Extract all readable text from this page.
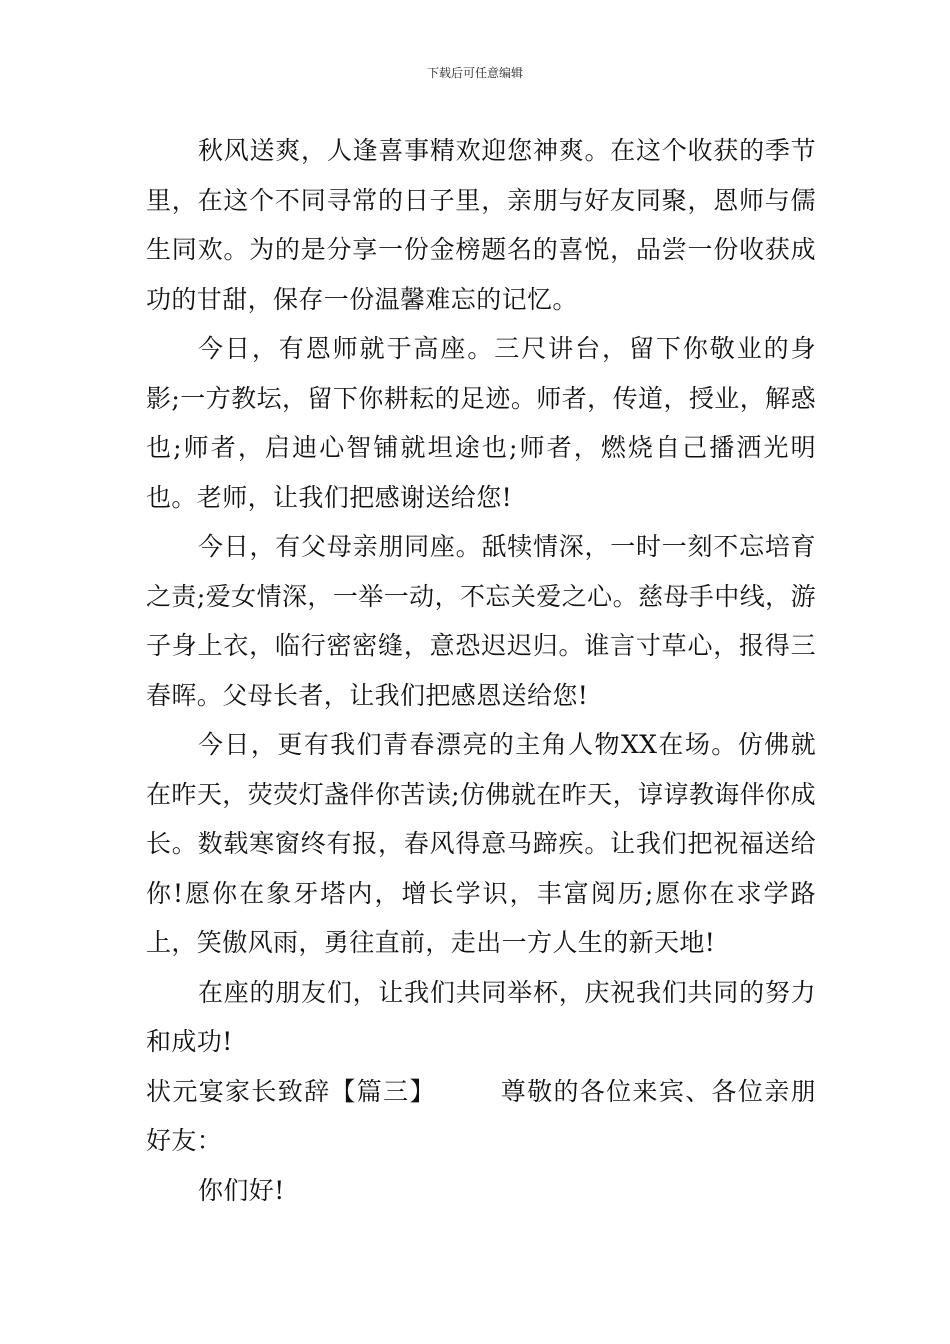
下载后可任意编辑

秋风送爽，人逢喜事精欢迎您神爽。在这个收获的季节里，在这个不同寻常的日子里，亲朋与好友同聚，恩师与儒生同欢。为的是分享一份金榜题名的喜悦，品尝一份收获成功的甘甜，保存一份温馨难忘的记忆。

今日，有恩师就于高座。三尺讲台，留下你敬业的身影;一方教坛，留下你耕耘的足迹。师者，传道，授业，解惑也;师者，启迪心智铺就坦途也;师者，燃烧自己播洒光明也。老师，让我们把感谢送给您!

今日，有父母亲朋同座。舐犊情深，一时一刻不忘培育之责;爱女情深，一举一动，不忘关爱之心。慈母手中线，游子身上衣，临行密密缝，意恐迟迟归。谁言寸草心，报得三春晖。父母长者，让我们把感恩送给您!

今日，更有我们青春漂亮的主角人物XX在场。仿佛就在昨天，荧荧灯盏伴你苦读;仿佛就在昨天，谆谆教诲伴你成长。数载寒窗终有报，春风得意马蹄疾。让我们把祝福送给你!愿你在象牙塔内，增长学识，丰富阅历;愿你在求学路上，笑傲风雨，勇往直前，走出一方人生的新天地!

在座的朋友们，让我们共同举杯，庆祝我们共同的努力和成功!

状元宴家长致辞【篇三】	尊敬的各位来宾、各位亲朋好友：

你们好!
